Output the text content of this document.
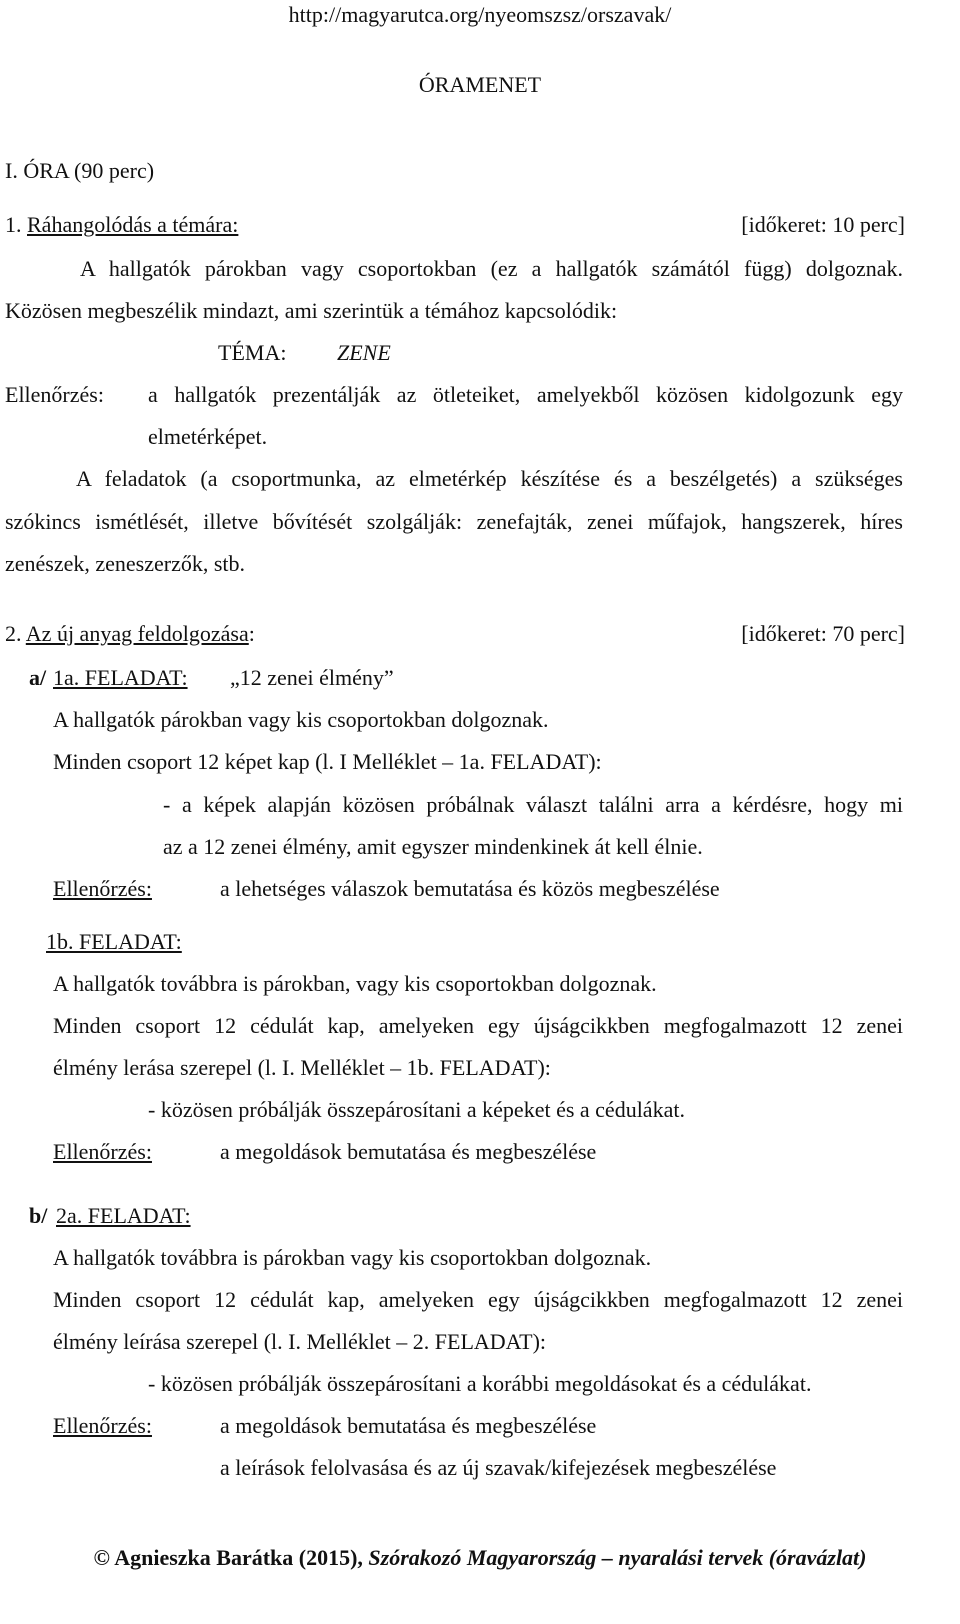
http://magyarutca.org/nyeomszsz/orszavak/
ÓRAMENET
I. ÓRA (90 perc)
1. Ráhangolódás a témára:	[időkeret: 10 perc]
A hallgatók párokban vagy csoportokban (ez a hallgatók számától függ) dolgoznak.
Közösen megbeszélik mindazt, ami szerintük a témához kapcsolódik:
TÉMA: ZENE
Ellenőrzés: a hallgatók prezentálják az ötleteiket, amelyekből közösen kidolgozunk egy
elmetérképet.
A feladatok (a csoportmunka, az elmetérkép készítése és a beszélgetés) a szükséges
szókincs ismétlését, illetve bővítését szolgálják: zenefajták, zenei műfajok, hangszerek, híres
zenészek, zeneszerzők, stb.
2. Az új anyag feldolgozása:	[időkeret: 70 perc]
a/ 1a. FELADAT: „12 zenei élmény”
A hallgatók párokban vagy kis csoportokban dolgoznak.
Minden csoport 12 képet kap (l. I Melléklet – 1a. FELADAT):
- a képek alapján közösen próbálnak választ találni arra a kérdésre, hogy mi
az a 12 zenei élmény, amit egyszer mindenkinek át kell élnie.
Ellenőrzés:	a lehetséges válaszok bemutatása és közös megbeszélése
1b. FELADAT:
A hallgatók továbbra is párokban, vagy kis csoportokban dolgoznak.
Minden csoport 12 cédulát kap, amelyeken egy újságcikkben megfogalmazott 12 zenei
élmény lerása szerepel (l. I. Melléklet – 1b. FELADAT):
- közösen próbálják összepárosítani a képeket és a cédulákat.
Ellenőrzés:	a megoldások bemutatása és megbeszélése
b/ 2a. FELADAT:
A hallgatók továbbra is párokban vagy kis csoportokban dolgoznak.
Minden csoport 12 cédulát kap, amelyeken egy újságcikkben megfogalmazott 12 zenei
élmény leírása szerepel (l. I. Melléklet – 2. FELADAT):
- közösen próbálják összepárosítani a korábbi megoldásokat és a cédulákat.
Ellenőrzés:	a megoldások bemutatása és megbeszélése
a leírások felolvasása és az új szavak/kifejezések megbeszélése
© Agnieszka Barátka (2015), Szórakozó Magyarország – nyaralási tervek (óravázlat)
